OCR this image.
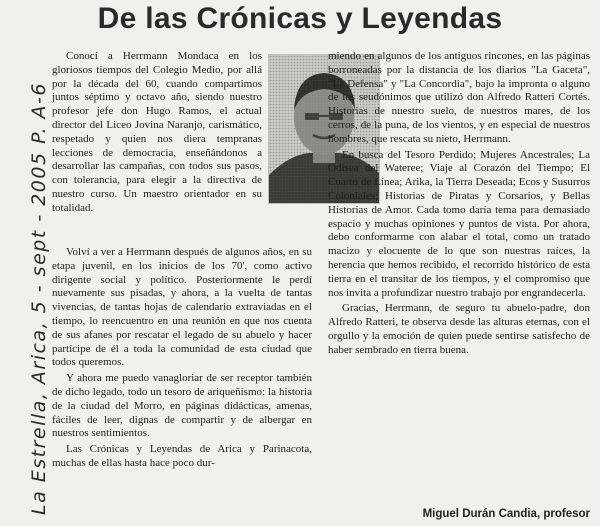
De las Crónicas y Leyendas
La Estrella, Arica, 5 - sept - 2005 P. A-6

Conocí a Herrmann Mondaca en los gloriosos tiempos del Colegio Medio, por allá por la década del 60, cuando compartimos juntos séptimo y octavo año, siendo nuestro profesor jefe don Hugo Ramos, el actual director del Liceo Jovina Naranjo, carismático, respetado y quien nos diera tempranas lecciones de democracia, enseñándonos a desarrollar las campañas, con todos sus pasos, con tolerancia, para elegir a la directiva de nuestro curso. Un maestro orientador en su totalidad.

Volví a ver a Herrmann después de algunos años, en su etapa juvenil, en los inicios de los 70', como activo dirigente social y político. Posteriormente le perdí nuevamente sus pisadas, y ahora, a la vuelta de tantas vivencias, de tantas hojas de calendario extraviadas en el tiempo, lo reencuentro en una reunión en que nos cuenta de sus afanes por rescatar el legado de su abuelo y hacer partícipe de él a toda la comunidad de esta ciudad que todos queremos.

Y ahora me puedo vanagloriar de ser receptor también de dicho legado, todo un tesoro de ariqueñismo: la historia de la ciudad del Morro, en páginas didácticas, amenas, fáciles de leer, dignas de compartir y de albergar en nuestros sentimientos.

Las Crónicas y Leyendas de Arica y Parinacota, muchas de ellas hasta hace poco dur-

miendo en algunos de los antiguos rincones, en las páginas borroneadas por la distancia de los diarios "La Gaceta", "La Defensa" y "La Concordia", bajo la impronta o alguno de los seudónimos que utilizó don Alfredo Ratteri Cortés. Historias de nuestro suelo, de nuestros mares, de los cerros, de la puna, de los vientos, y en especial de nuestros hombres, que rescata su nieto, Herrmann.

En busca del Tesoro Perdido; Mujeres Ancestrales; La Odisea del Wateree; Viaje al Corazón del Tiempo; El Cuarto de Línea; Arika, la Tierra Deseada; Ecos y Susurros Coloniales; Historias de Piratas y Corsarios, y Bellas Historias de Amor. Cada tomo daría tema para demasiado espacio y muchas opiniones y puntos de vista. Por ahora, debo conformarme con alabar el total, como un tratado macizo y elocuente de lo que son nuestras raíces, la herencia que hemos recibido, el recorrido histórico de esta tierra en el transitar de los tiempos, y el compromiso que nos invita a profundizar nuestro trabajo por engrandecerla.

Gracias, Herrmann, de seguro tu abuelo-padre, don Alfredo Ratteri, te observa desde las alturas eternas, con el orgullo y la emoción de quien puede sentirse satisfecho de haber sembrado en tierra buena.

Miguel Durán Candia, profesor
